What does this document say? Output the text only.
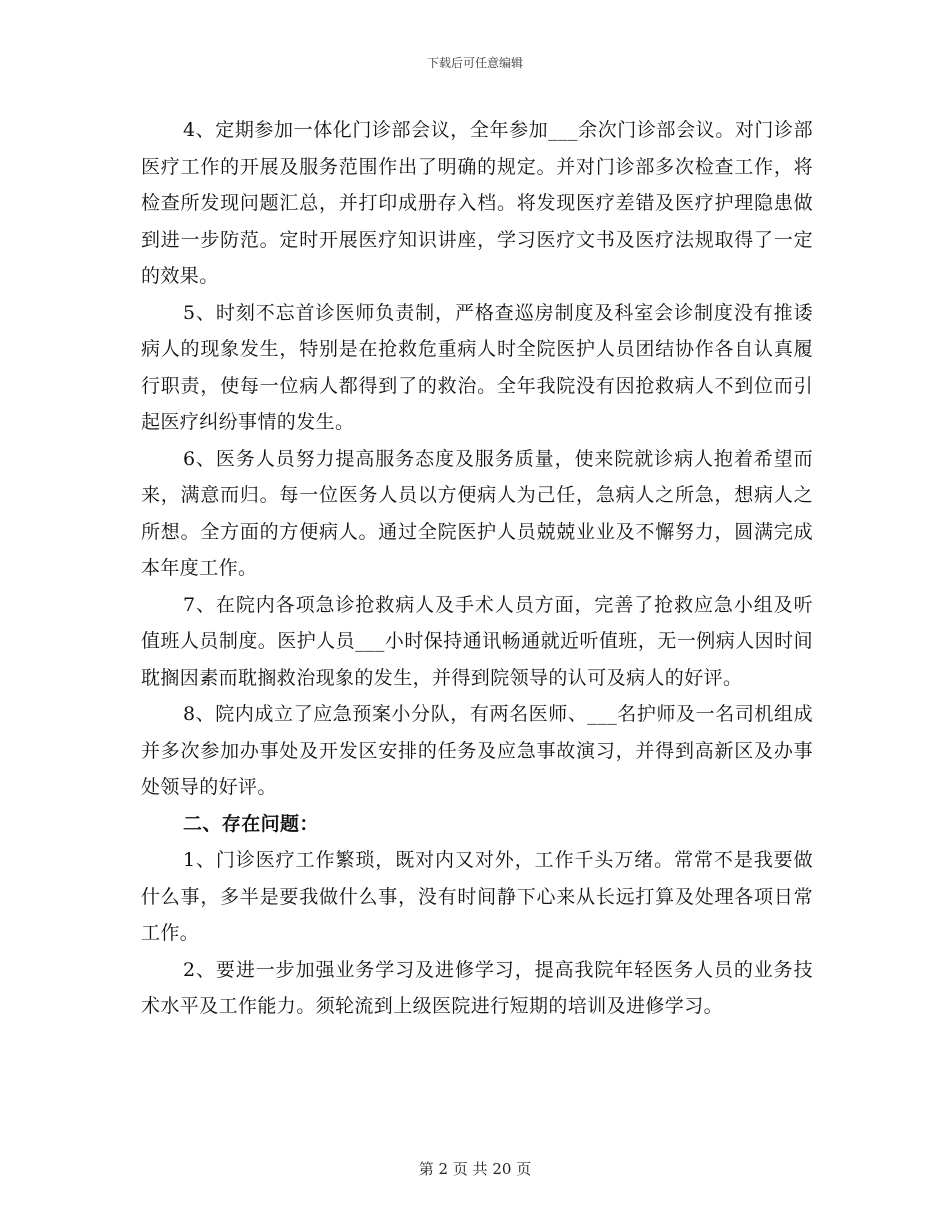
下载后可任意编辑

4、定期参加一体化门诊部会议，全年参加___余次门诊部会议。对门诊部医疗工作的开展及服务范围作出了明确的规定。并对门诊部多次检查工作，将检查所发现问题汇总，并打印成册存入档。将发现医疗差错及医疗护理隐患做到进一步防范。定时开展医疗知识讲座，学习医疗文书及医疗法规取得了一定的效果。

5、时刻不忘首诊医师负责制，严格查巡房制度及科室会诊制度没有推诿病人的现象发生，特别是在抢救危重病人时全院医护人员团结协作各自认真履行职责，使每一位病人都得到了的救治。全年我院没有因抢救病人不到位而引起医疗纠纷事情的发生。

6、医务人员努力提高服务态度及服务质量，使来院就诊病人抱着希望而来，满意而归。每一位医务人员以方便病人为己任，急病人之所急，想病人之所想。全方面的方便病人。通过全院医护人员兢兢业业及不懈努力，圆满完成本年度工作。

7、在院内各项急诊抢救病人及手术人员方面，完善了抢救应急小组及听值班人员制度。医护人员___小时保持通讯畅通就近听值班，无一例病人因时间耽搁因素而耽搁救治现象的发生，并得到院领导的认可及病人的好评。

8、院内成立了应急预案小分队，有两名医师、___名护师及一名司机组成并多次参加办事处及开发区安排的任务及应急事故演习，并得到高新区及办事处领导的好评。

二、存在问题：

1、门诊医疗工作繁琐，既对内又对外，工作千头万绪。常常不是我要做什么事，多半是要我做什么事，没有时间静下心来从长远打算及处理各项日常工作。

2、要进一步加强业务学习及进修学习，提高我院年轻医务人员的业务技术水平及工作能力。须轮流到上级医院进行短期的培训及进修学习。

第 2 页 共 20 页
